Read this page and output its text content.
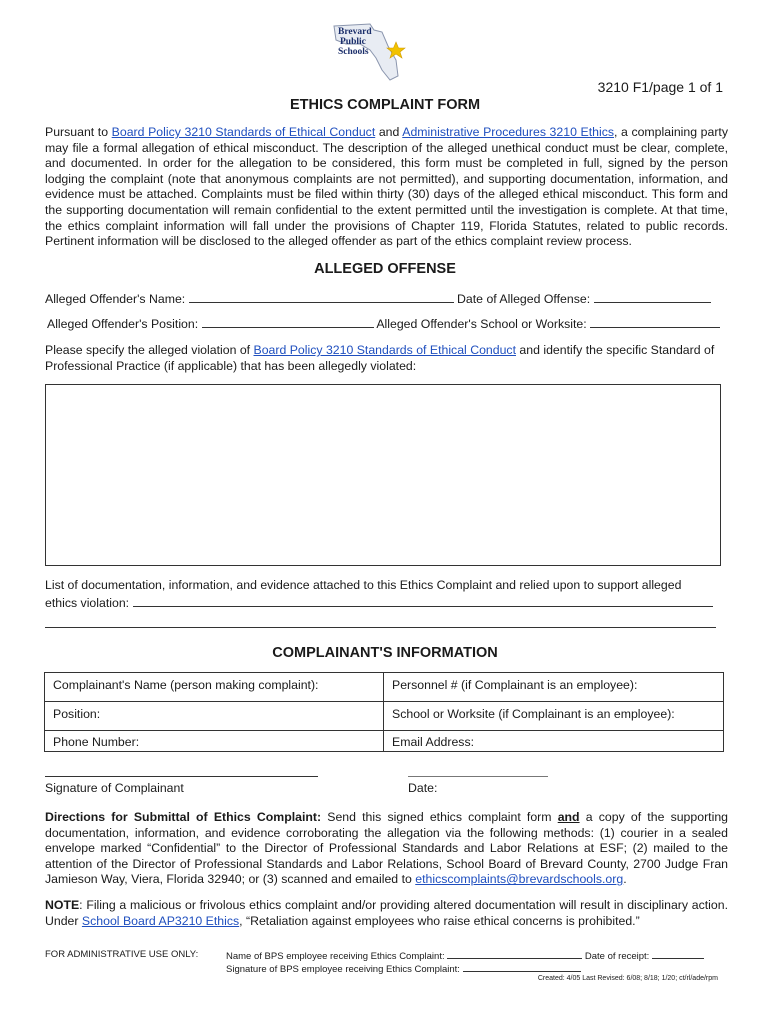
Brevard
Public
Schools
3210 F1/page 1 of 1
ETHICS COMPLAINT FORM
Pursuant to Board Policy 3210 Standards of Ethical Conduct and Administrative Procedures 3210 Ethics, a complaining party may file a formal allegation of ethical misconduct. The description of the alleged unethical conduct must be clear, complete, and documented. In order for the allegation to be considered, this form must be completed in full, signed by the person lodging the complaint (note that anonymous complaints are not permitted), and supporting documentation, information, and evidence must be attached. Complaints must be filed within thirty (30) days of the alleged ethical misconduct. This form and the supporting documentation will remain confidential to the extent permitted until the investigation is complete. At that time, the ethics complaint information will fall under the provisions of Chapter 119, Florida Statutes, related to public records. Pertinent information will be disclosed to the alleged offender as part of the ethics complaint review process.
ALLEGED OFFENSE
Alleged Offender's Name:	Date of Alleged Offense:
Alleged Offender's Position:	Alleged Offender's School or Worksite:
Please specify the alleged violation of Board Policy 3210 Standards of Ethical Conduct and identify the specific Standard of Professional Practice (if applicable) that has been allegedly violated:
List of documentation, information, and evidence attached to this Ethics Complaint and relied upon to support alleged
ethics violation:
COMPLAINANT'S INFORMATION
Complainant's Name (person making complaint):	Personnel # (if Complainant is an employee):
Position:	School or Worksite (if Complainant is an employee):
Phone Number:	Email Address:
Signature of Complainant	Date:
Directions for Submittal of Ethics Complaint: Send this signed ethics complaint form and a copy of the supporting documentation, information, and evidence corroborating the allegation via the following methods: (1) courier in a sealed envelope marked “Confidential” to the Director of Professional Standards and Labor Relations at ESF; (2) mailed to the attention of the Director of Professional Standards and Labor Relations, School Board of Brevard County, 2700 Judge Fran Jamieson Way, Viera, Florida 32940; or (3) scanned and emailed to ethicscomplaints@brevardschools.org.
NOTE: Filing a malicious or frivolous ethics complaint and/or providing altered documentation will result in disciplinary action. Under School Board AP3210 Ethics, “Retaliation against employees who raise ethical concerns is prohibited.”
FOR ADMINISTRATIVE USE ONLY:	Name of BPS employee receiving Ethics Complaint:	Date of receipt:
Signature of BPS employee receiving Ethics Complaint:
Created: 4/05 Last Revised: 6/08; 8/18; 1/20; ct/rl/ade/rpm
